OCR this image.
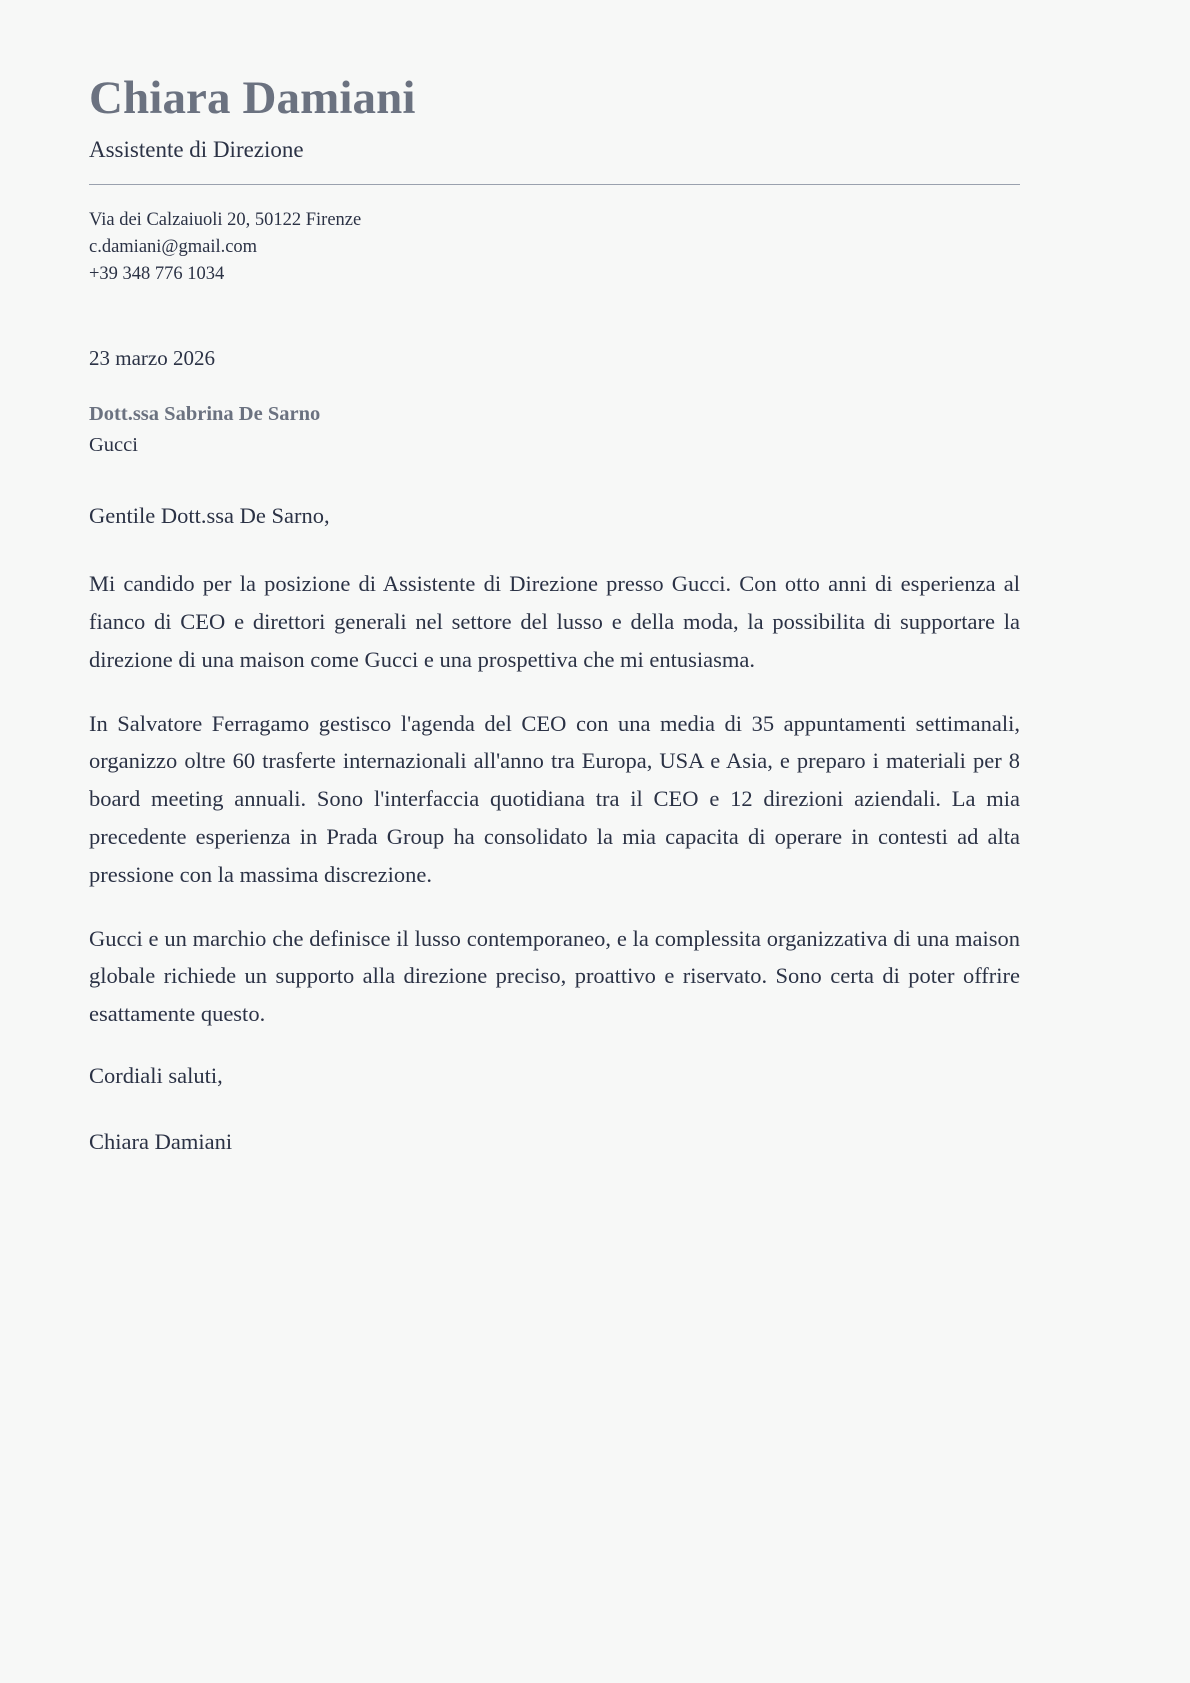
Chiara Damiani
Assistente di Direzione

Via dei Calzaiuoli 20, 50122 Firenze

c.damiani@gmail.com

+39 348 776 1034

23 marzo 2026

Dott.ssa Sabrina De Sarno

Gucci

Gentile Dott.ssa De Sarno,

Mi candido per la posizione di Assistente di Direzione presso Gucci. Con otto anni di esperienza al fianco di CEO e direttori generali nel settore del lusso e della moda, la possibilita di supportare la direzione di una maison come Gucci e una prospettiva che mi entusiasma.

In Salvatore Ferragamo gestisco l'agenda del CEO con una media di 35 appuntamenti settimanali, organizzo oltre 60 trasferte internazionali all'anno tra Europa, USA e Asia, e preparo i materiali per 8 board meeting annuali. Sono l'interfaccia quotidiana tra il CEO e 12 direzioni aziendali. La mia precedente esperienza in Prada Group ha consolidato la mia capacita di operare in contesti ad alta pressione con la massima discrezione.

Gucci e un marchio che definisce il lusso contemporaneo, e la complessita organizzativa di una maison globale richiede un supporto alla direzione preciso, proattivo e riservato. Sono certa di poter offrire esattamente questo.

Cordiali saluti,

Chiara Damiani
